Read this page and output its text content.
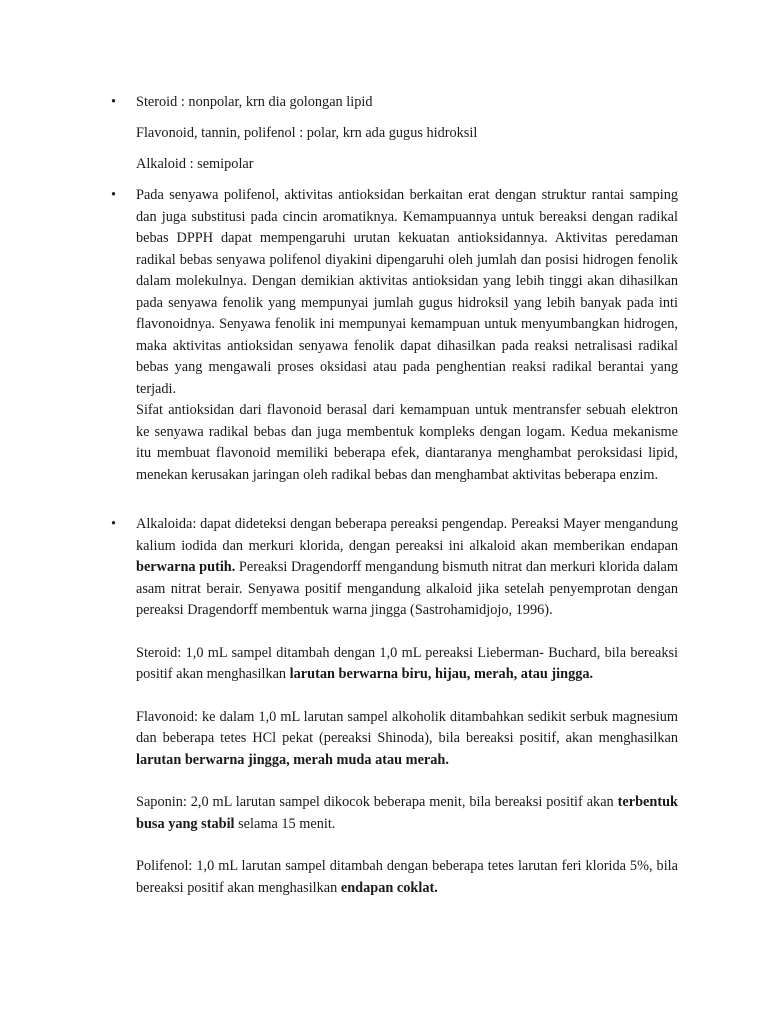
• Steroid : nonpolar, krn dia golongan lipid

Flavonoid, tannin, polifenol : polar, krn ada gugus hidroksil

Alkaloid : semipolar

• Pada senyawa polifenol, aktivitas antioksidan berkaitan erat dengan struktur rantai samping dan juga substitusi pada cincin aromatiknya. Kemampuannya untuk bereaksi dengan radikal bebas DPPH dapat mempengaruhi urutan kekuatan antioksidannya. Aktivitas peredaman radikal bebas senyawa polifenol diyakini dipengaruhi oleh jumlah dan posisi hidrogen fenolik dalam molekulnya. Dengan demikian aktivitas antioksidan yang lebih tinggi akan dihasilkan pada senyawa fenolik yang mempunyai jumlah gugus hidroksil yang lebih banyak pada inti flavonoidnya. Senyawa fenolik ini mempunyai kemampuan untuk menyumbangkan hidrogen, maka aktivitas antioksidan senyawa fenolik dapat dihasilkan pada reaksi netralisasi radikal bebas yang mengawali proses oksidasi atau pada penghentian reaksi radikal berantai yang terjadi.

Sifat antioksidan dari flavonoid berasal dari kemampuan untuk mentransfer sebuah elektron ke senyawa radikal bebas dan juga membentuk kompleks dengan logam. Kedua mekanisme itu membuat flavonoid memiliki beberapa efek, diantaranya menghambat peroksidasi lipid, menekan kerusakan jaringan oleh radikal bebas dan menghambat aktivitas beberapa enzim.

• Alkaloida: dapat dideteksi dengan beberapa pereaksi pengendap. Pereaksi Mayer mengandung kalium iodida dan merkuri klorida, dengan pereaksi ini alkaloid akan memberikan endapan berwarna putih. Pereaksi Dragendorff mengandung bismuth nitrat dan merkuri klorida dalam asam nitrat berair. Senyawa positif mengandung alkaloid jika setelah penyemprotan dengan pereaksi Dragendorff membentuk warna jingga (Sastrohamidjojo, 1996).

Steroid: 1,0 mL sampel ditambah dengan 1,0 mL pereaksi Lieberman- Buchard, bila bereaksi positif akan menghasilkan larutan berwarna biru, hijau, merah, atau jingga.

Flavonoid: ke dalam 1,0 mL larutan sampel alkoholik ditambahkan sedikit serbuk magnesium dan beberapa tetes HCl pekat (pereaksi Shinoda), bila bereaksi positif, akan menghasilkan larutan berwarna jingga, merah muda atau merah.

Saponin: 2,0 mL larutan sampel dikocok beberapa menit, bila bereaksi positif akan terbentuk busa yang stabil selama 15 menit.

Polifenol: 1,0 mL larutan sampel ditambah dengan beberapa tetes larutan feri klorida 5%, bila bereaksi positif akan menghasilkan endapan coklat.
